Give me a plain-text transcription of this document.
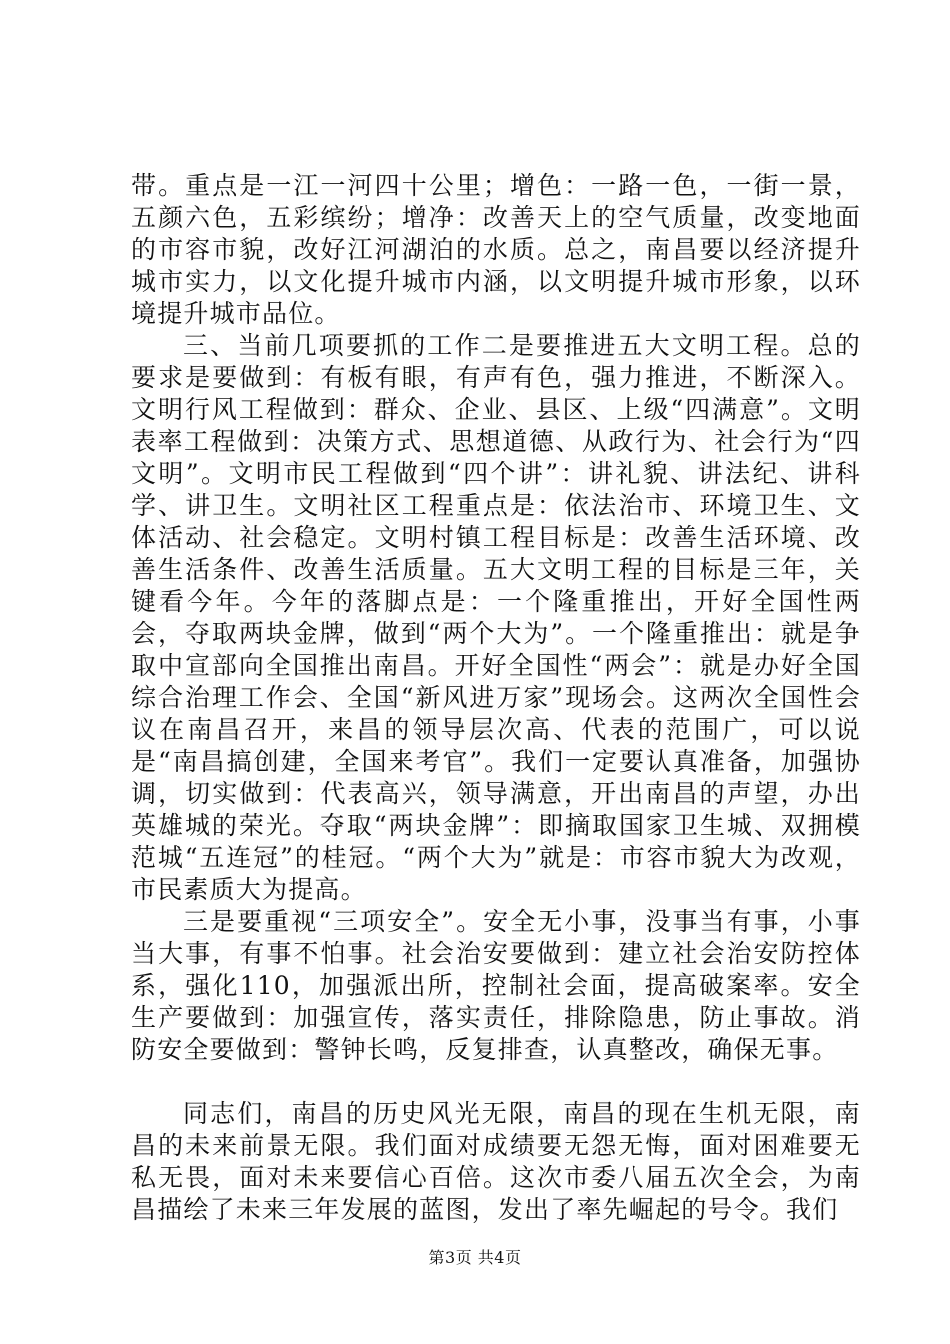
带。重点是一江一河四十公里；增色：一路一色，一街一景，五颜六色，五彩缤纷；增净：改善天上的空气质量，改变地面的市容市貌，改好江河湖泊的水质。总之，南昌要以经济提升城市实力，以文化提升城市内涵，以文明提升城市形象，以环境提升城市品位。

三、当前几项要抓的工作二是要推进五大文明工程。总的要求是要做到：有板有眼，有声有色，强力推进，不断深入。文明行风工程做到：群众、企业、县区、上级“四满意”。文明表率工程做到：决策方式、思想道德、从政行为、社会行为“四文明”。文明市民工程做到“四个讲”：讲礼貌、讲法纪、讲科学、讲卫生。文明社区工程重点是：依法治市、环境卫生、文体活动、社会稳定。文明村镇工程目标是：改善生活环境、改善生活条件、改善生活质量。五大文明工程的目标是三年，关键看今年。今年的落脚点是：一个隆重推出，开好全国性两会，夺取两块金牌，做到“两个大为”。一个隆重推出：就是争取中宣部向全国推出南昌。开好全国性“两会”：就是办好全国综合治理工作会、全国“新风进万家”现场会。这两次全国性会议在南昌召开，来昌的领导层次高、代表的范围广，可以说是“南昌搞创建，全国来考官”。我们一定要认真准备，加强协调，切实做到：代表高兴，领导满意，开出南昌的声望，办出英雄城的荣光。夺取“两块金牌”：即摘取国家卫生城、双拥模范城“五连冠”的桂冠。“两个大为”就是：市容市貌大为改观，市民素质大为提高。

三是要重视“三项安全”。安全无小事，没事当有事，小事当大事，有事不怕事。社会治安要做到：建立社会治安防控体系，强化110，加强派出所，控制社会面，提高破案率。安全生产要做到：加强宣传，落实责任，排除隐患，防止事故。消防安全要做到：警钟长鸣，反复排查，认真整改，确保无事。

同志们，南昌的历史风光无限，南昌的现在生机无限，南昌的未来前景无限。我们面对成绩要无怨无悔，面对困难要无私无畏，面对未来要信心百倍。这次市委八届五次全会，为南昌描绘了未来三年发展的蓝图，发出了率先崛起的号令。我们

第3页 共4页
